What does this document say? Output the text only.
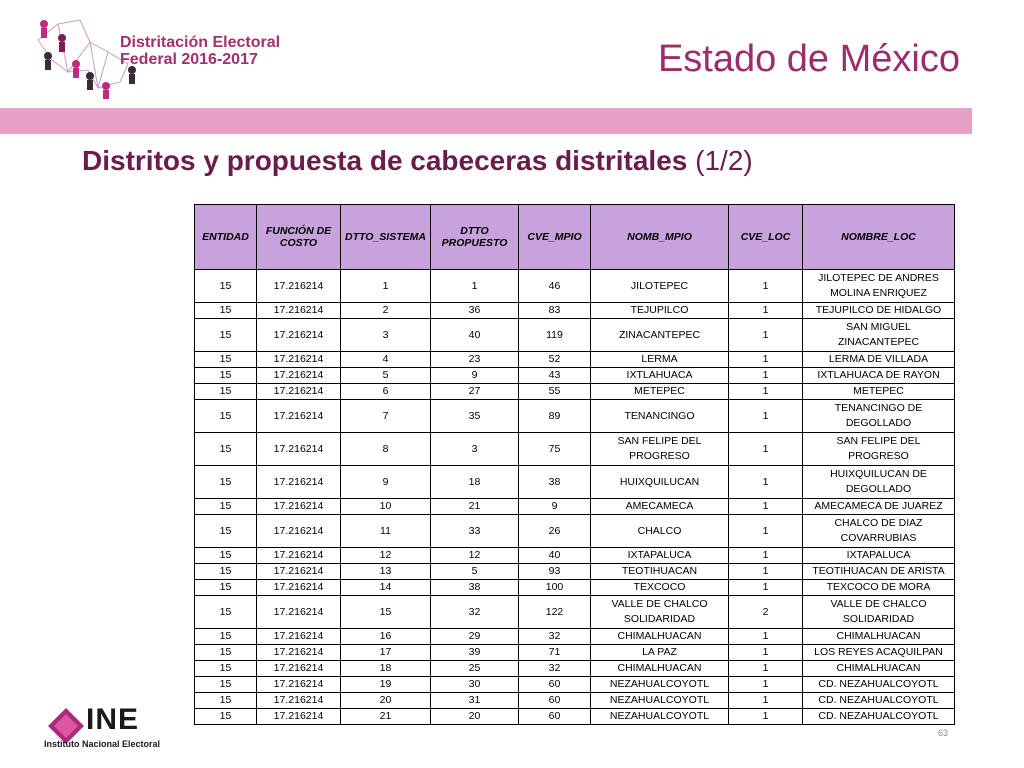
Distritación Electoral
Federal 2016-2017	Estado de México
Distritos y propuesta de cabeceras distritales (1/2)
ENTIDAD	FUNCIÓN DE COSTO	DTTO_SISTEMA	DTTO PROPUESTO	CVE_MPIO	NOMB_MPIO	CVE_LOC	NOMBRE_LOC
15	17.216214	1	1	46	JILOTEPEC	1	JILOTEPEC DE ANDRES MOLINA ENRIQUEZ
15	17.216214	2	36	83	TEJUPILCO	1	TEJUPILCO DE HIDALGO
15	17.216214	3	40	119	ZINACANTEPEC	1	SAN MIGUEL ZINACANTEPEC
15	17.216214	4	23	52	LERMA	1	LERMA DE VILLADA
15	17.216214	5	9	43	IXTLAHUACA	1	IXTLAHUACA DE RAYON
15	17.216214	6	27	55	METEPEC	1	METEPEC
15	17.216214	7	35	89	TENANCINGO	1	TENANCINGO DE DEGOLLADO
15	17.216214	8	3	75	SAN FELIPE DEL PROGRESO	1	SAN FELIPE DEL PROGRESO
15	17.216214	9	18	38	HUIXQUILUCAN	1	HUIXQUILUCAN DE DEGOLLADO
15	17.216214	10	21	9	AMECAMECA	1	AMECAMECA DE JUAREZ
15	17.216214	11	33	26	CHALCO	1	CHALCO DE DIAZ COVARRUBIAS
15	17.216214	12	12	40	IXTAPALUCA	1	IXTAPALUCA
15	17.216214	13	5	93	TEOTIHUACAN	1	TEOTIHUACAN DE ARISTA
15	17.216214	14	38	100	TEXCOCO	1	TEXCOCO DE MORA
15	17.216214	15	32	122	VALLE DE CHALCO SOLIDARIDAD	2	VALLE DE CHALCO SOLIDARIDAD
15	17.216214	16	29	32	CHIMALHUACAN	1	CHIMALHUACAN
15	17.216214	17	39	71	LA PAZ	1	LOS REYES ACAQUILPAN
15	17.216214	18	25	32	CHIMALHUACAN	1	CHIMALHUACAN
15	17.216214	19	30	60	NEZAHUALCOYOTL	1	CD. NEZAHUALCOYOTL
15	17.216214	20	31	60	NEZAHUALCOYOTL	1	CD. NEZAHUALCOYOTL
15	17.216214	21	20	60	NEZAHUALCOYOTL	1	CD. NEZAHUALCOYOTL
INE
Instituto Nacional Electoral
63
